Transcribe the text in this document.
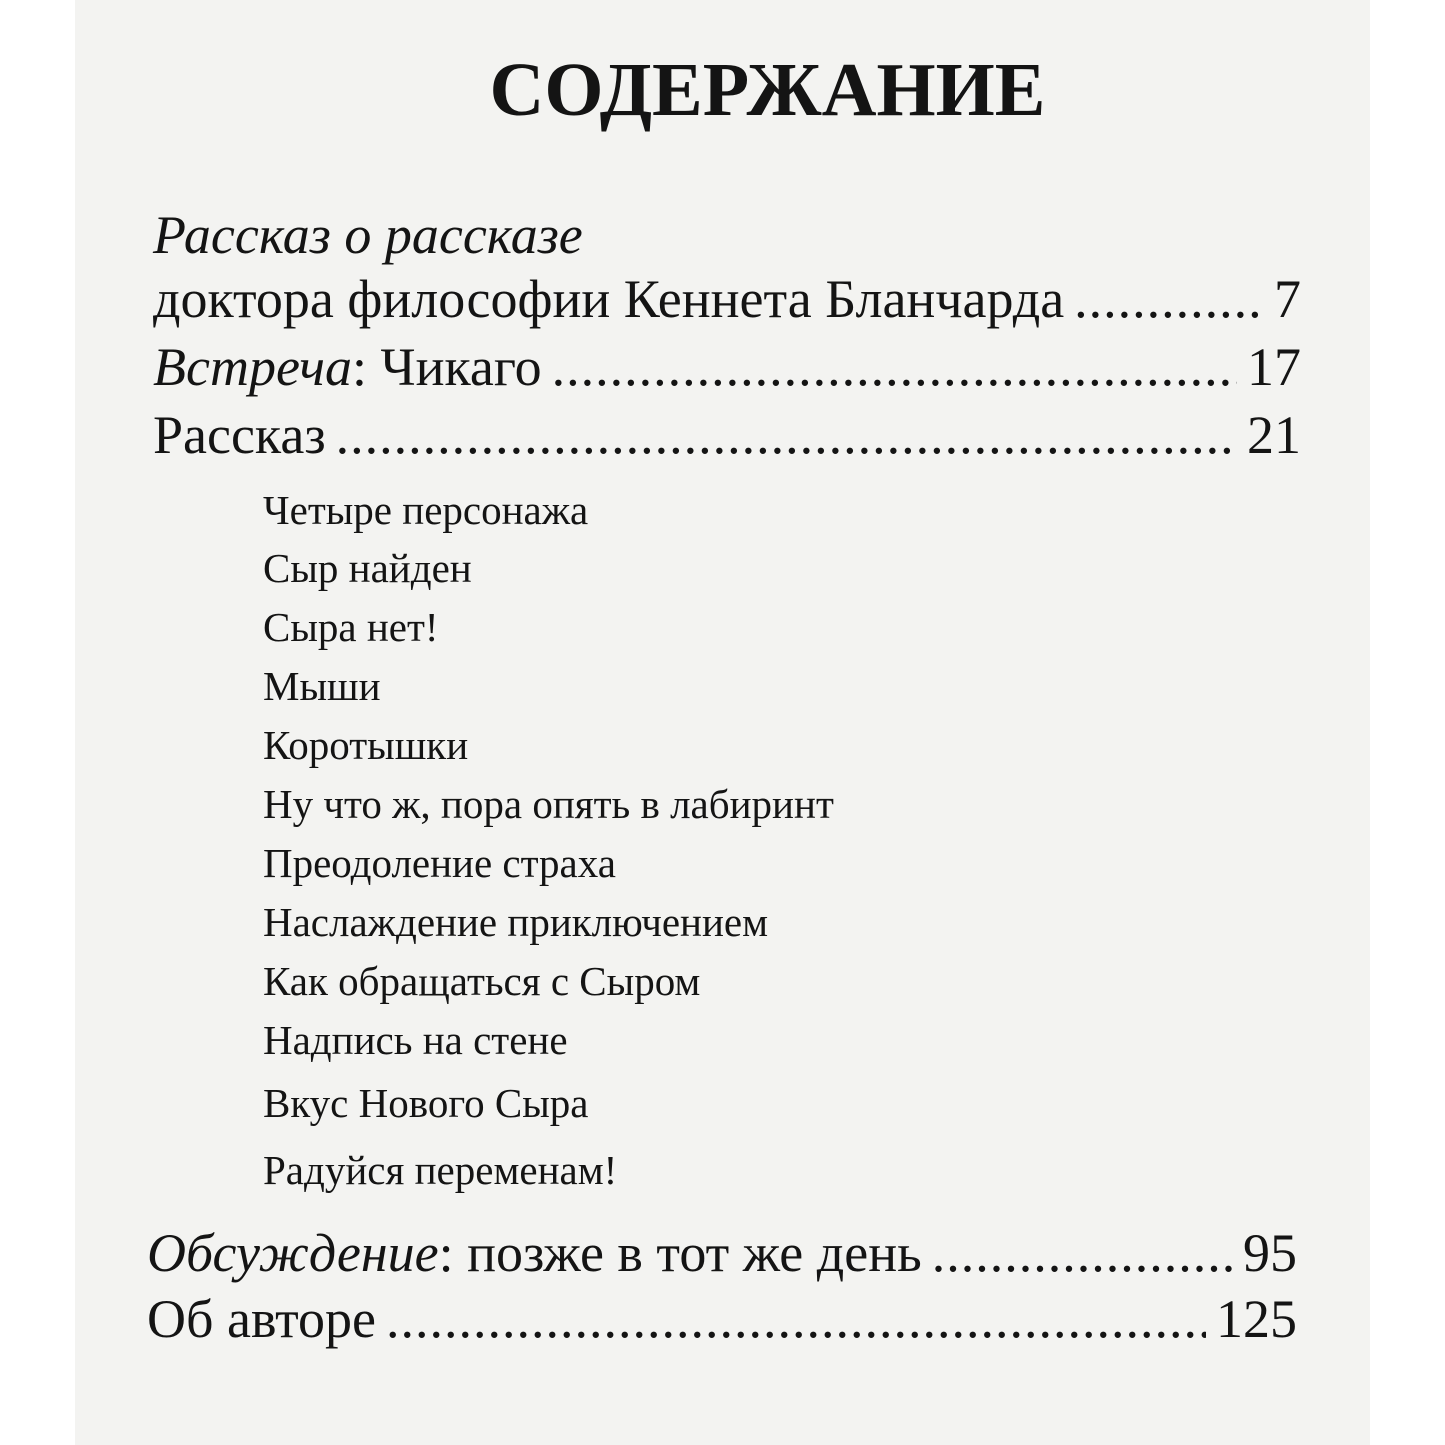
СОДЕРЖАНИЕ
Рассказ о рассказе
доктора философии Кеннета Бланчарда .....	7
Встреча: Чикаго .....	17
Рассказ .....	21
Четыре персонажа
Сыр найден
Сыра нет!
Мыши
Коротышки
Ну что ж, пора опять в лабиринт
Преодоление страха
Наслаждение приключением
Как обращаться с Сыром
Надпись на стене
Вкус Нового Сыра
Радуйся переменам!
Обсуждение: позже в тот же день .....	95
Об авторе .....	125
